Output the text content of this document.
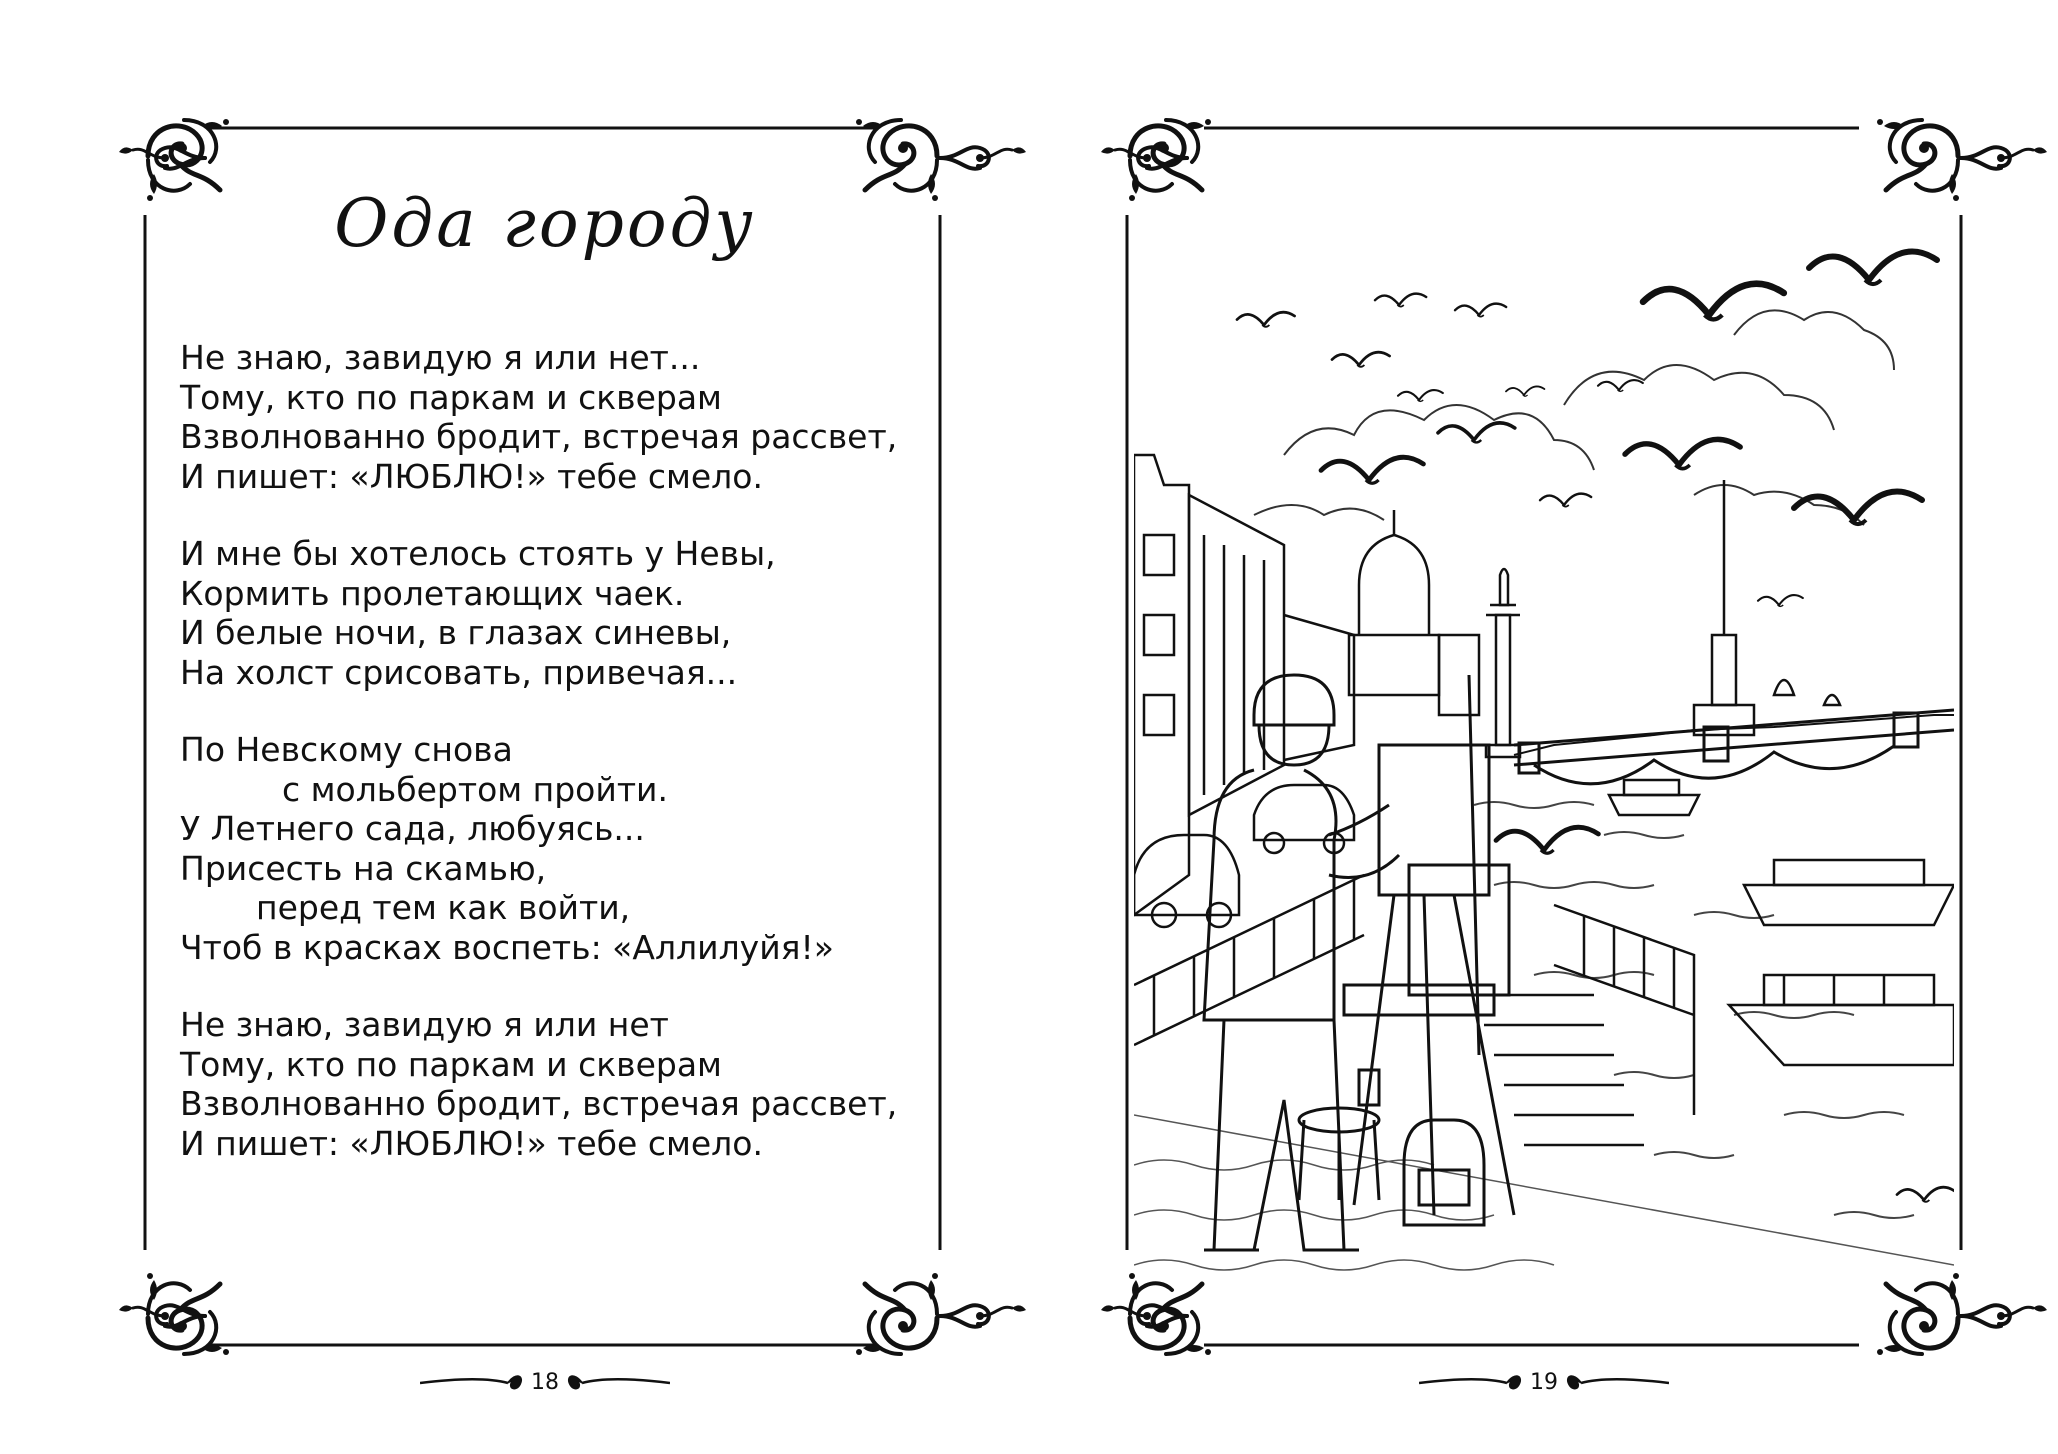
Ода городу
Не знаю, завидую я или нет...
Тому, кто по паркам и скверам
Взволнованно бродит, встречая рассвет,
И пишет: «ЛЮБЛЮ!» тебе смело.
И мне бы хотелось стоять у Невы,
Кормить пролетающих чаек.
И белые ночи, в глазах синевы,
На холст срисовать, привечая...
По Невскому снова
с мольбертом пройти.
У Летнего сада, любуясь...
Присесть на скамью,
перед тем как войти,
Чтоб в красках воспеть: «Аллилуйя!»
Не знаю, завидую я или нет
Тому, кто по паркам и скверам
Взволнованно бродит, встречая рассвет,
И пишет: «ЛЮБЛЮ!» тебе смело.
18	19
